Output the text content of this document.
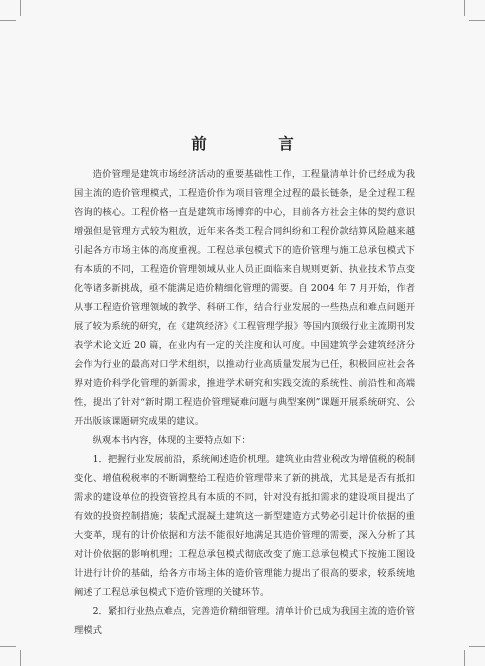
前　言

造价管理是建筑市场经济活动的重要基础性工作，工程量清单计价已经成为我国主流的造价管理模式，工程造价作为项目管理全过程的最长链条，是全过程工程咨询的核心。工程价格一直是建筑市场博弈的中心，目前各方社会主体的契约意识增强但是管理方式较为粗放，近年来各类工程合同纠纷和工程价款结算风险越来越引起各方市场主体的高度重视。工程总承包模式下的造价管理与施工总承包模式下有本质的不同，工程造价管理领域从业人员正面临来自规则更新、执业技术节点变化等诸多新挑战，亟不能满足造价精细化管理的需要。自 2004 年 7 月开始，作者从事工程造价管理领域的教学、科研工作，结合行业发展的一些热点和难点问题开展了较为系统的研究，在《建筑经济》《工程管理学报》等国内顶级行业主流期刊发表学术论文近 20 篇，在业内有一定的关注度和认可度。中国建筑学会建筑经济分会作为行业的最高对口学术组织，以推动行业高质量发展为已任，积极回应社会各界对造价科学化管理的新需求，推进学术研究和实践交流的系统性、前沿性和高端性，提出了针对“新时期工程造价管理疑难问题与典型案例”课题开展系统研究、公开出版该课题研究成果的建议。

纵观本书内容，体现的主要特点如下：

1．把握行业发展前沿，系统阐述造价机理。建筑业由营业税改为增值税的税制变化、增值税税率的不断调整给工程造价管理带来了新的挑战，尤其是是否有抵扣需求的建设单位的投资管控具有本质的不同，针对没有抵扣需求的建设项目提出了有效的投资控制措施；装配式混凝土建筑这一新型建造方式势必引起计价依据的重大变革，现有的计价依据和方法不能很好地满足其造价管理的需要，深入分析了其对计价依据的影响机理；工程总承包模式彻底改变了施工总承包模式下按施工图设计进行计价的基础，给各方市场主体的造价管理能力提出了很高的要求，较系统地阐述了工程总承包模式下造价管理的关键环节。

2．紧扣行业热点难点，完善造价精细管理。清单计价已成为我国主流的造价管理模式
